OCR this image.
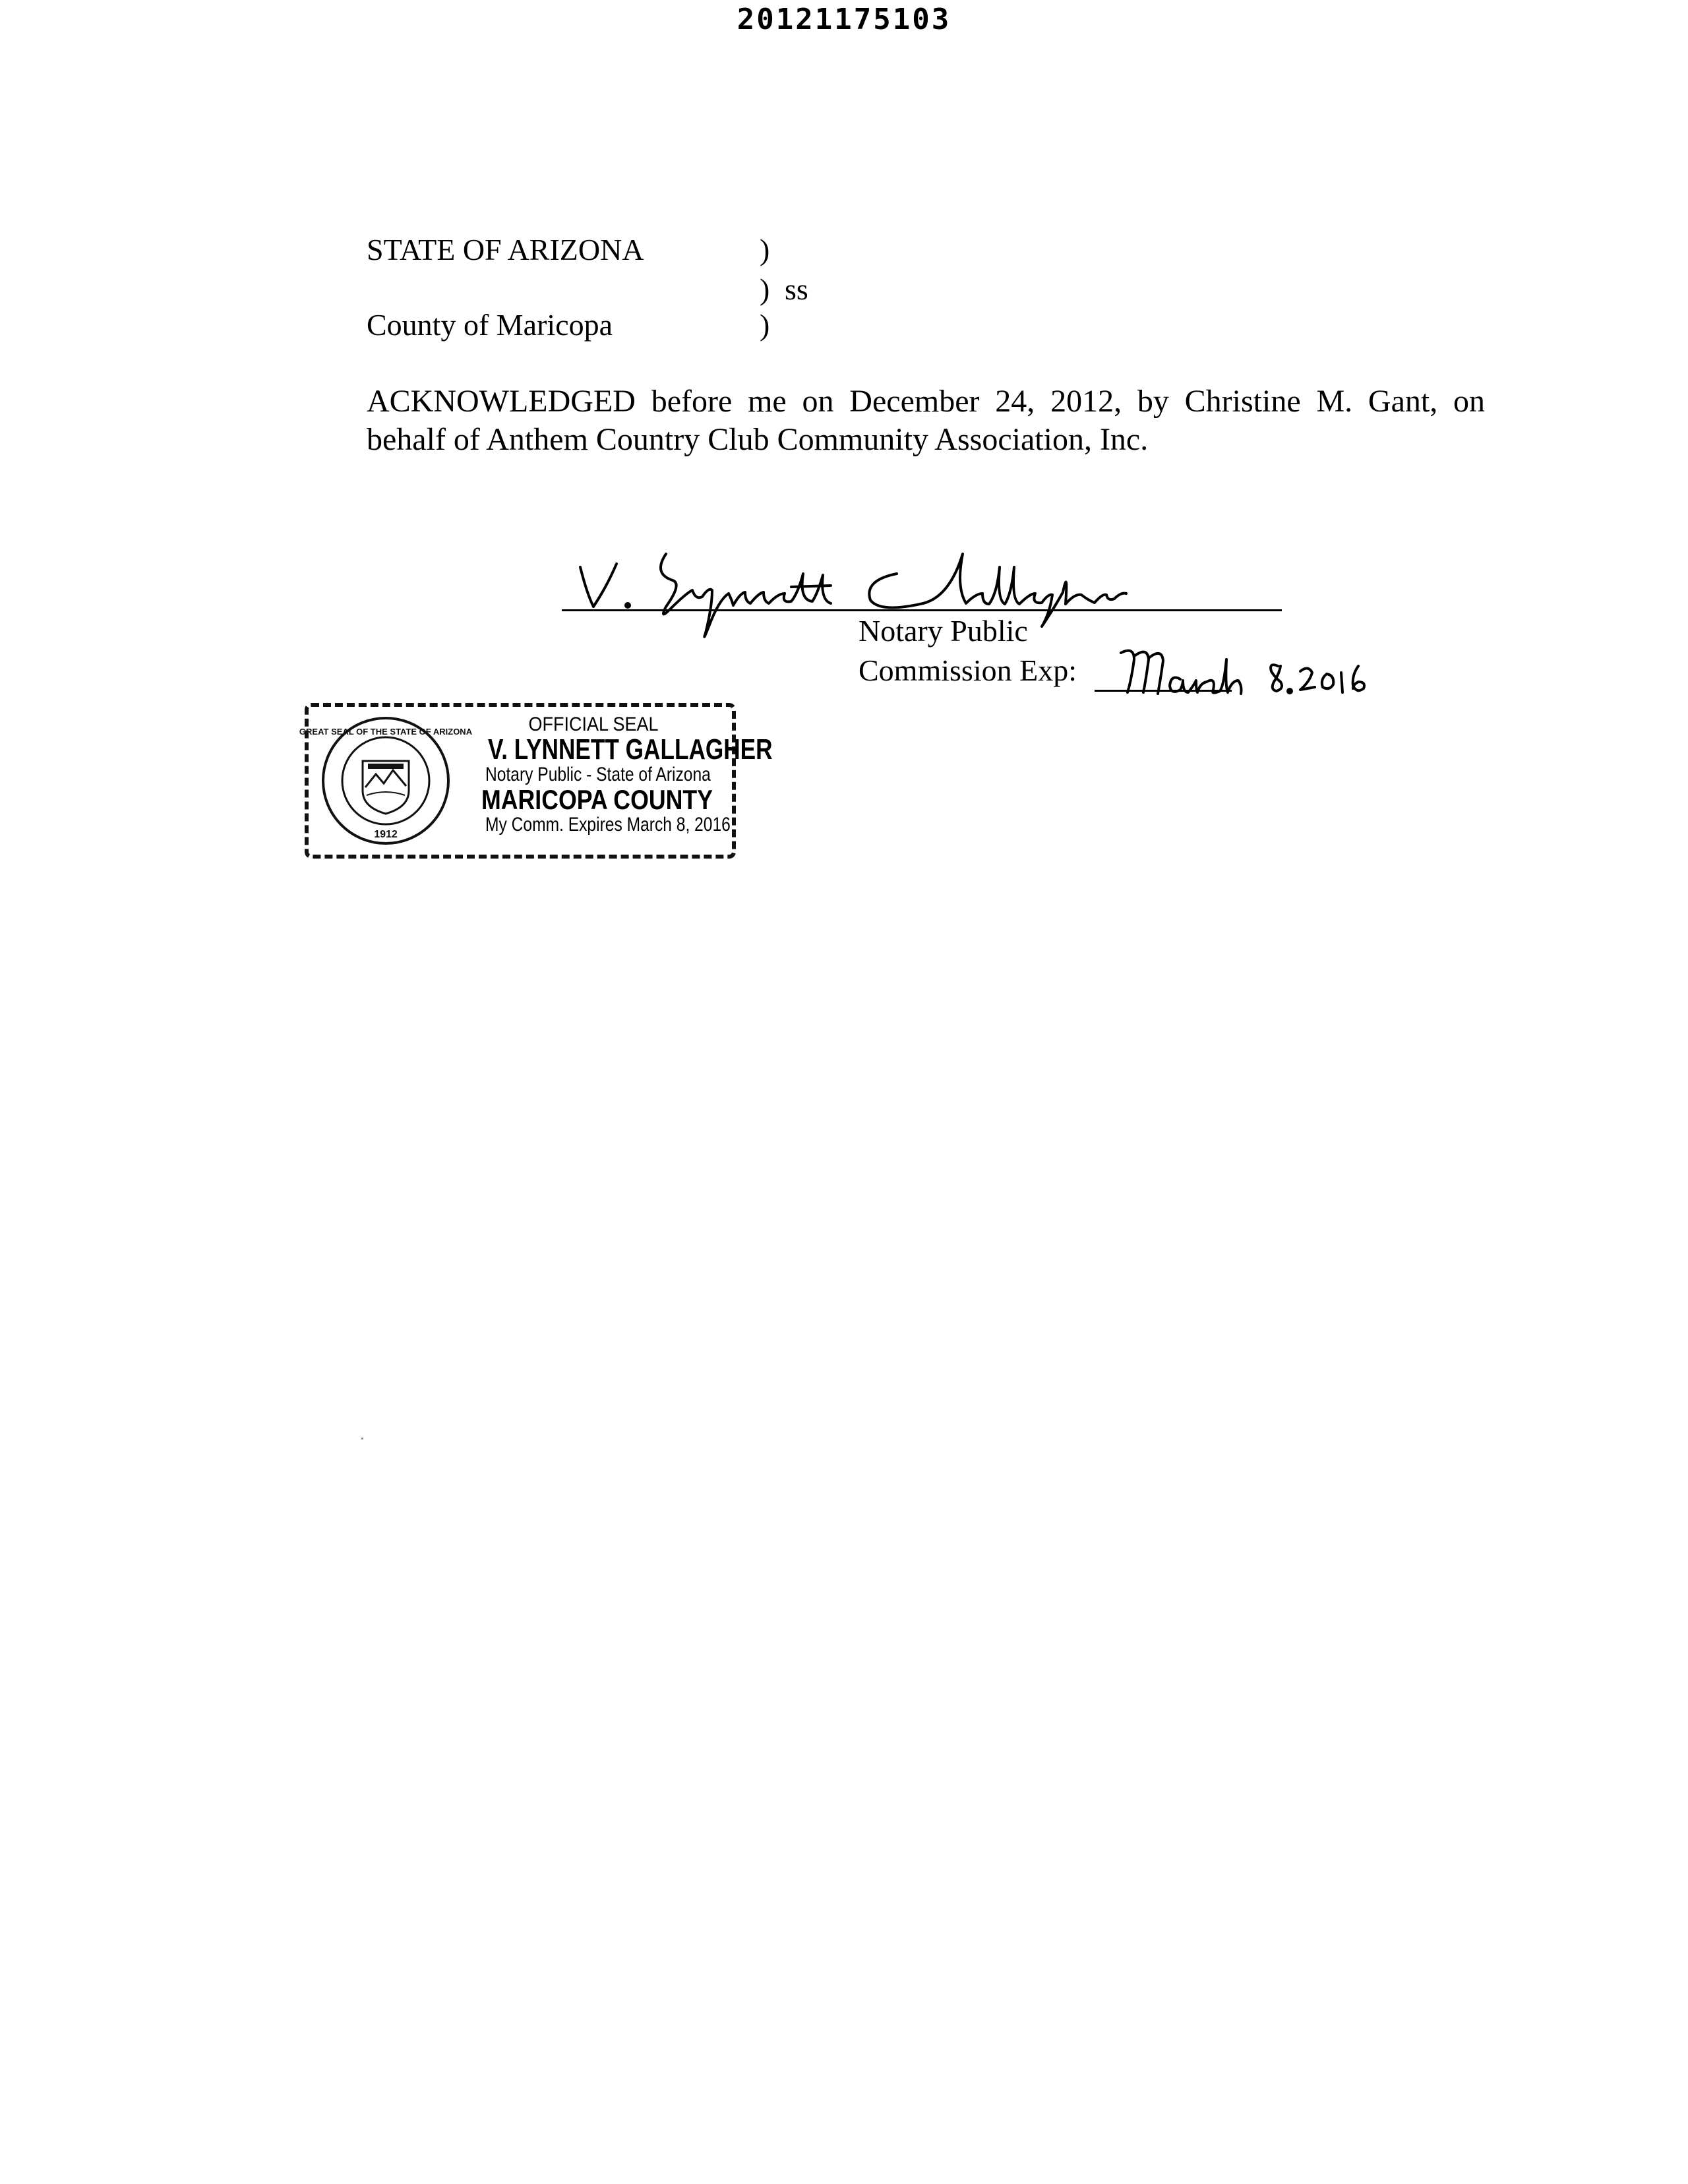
20121175103
STATE OF ARIZONA	)
) ss
County of Maricopa	)
ACKNOWLEDGED before me on December 24, 2012, by Christine M. Gant, on behalf of Anthem Country Club Community Association, Inc.
Notary Public
Commission Exp:
1912
GREAT SEAL OF THE STATE OF ARIZONA	OFFICIAL SEAL
V. LYNNETT GALLAGHER
Notary Public - State of Arizona
MARICOPA COUNTY
My Comm. Expires March 8, 2016
